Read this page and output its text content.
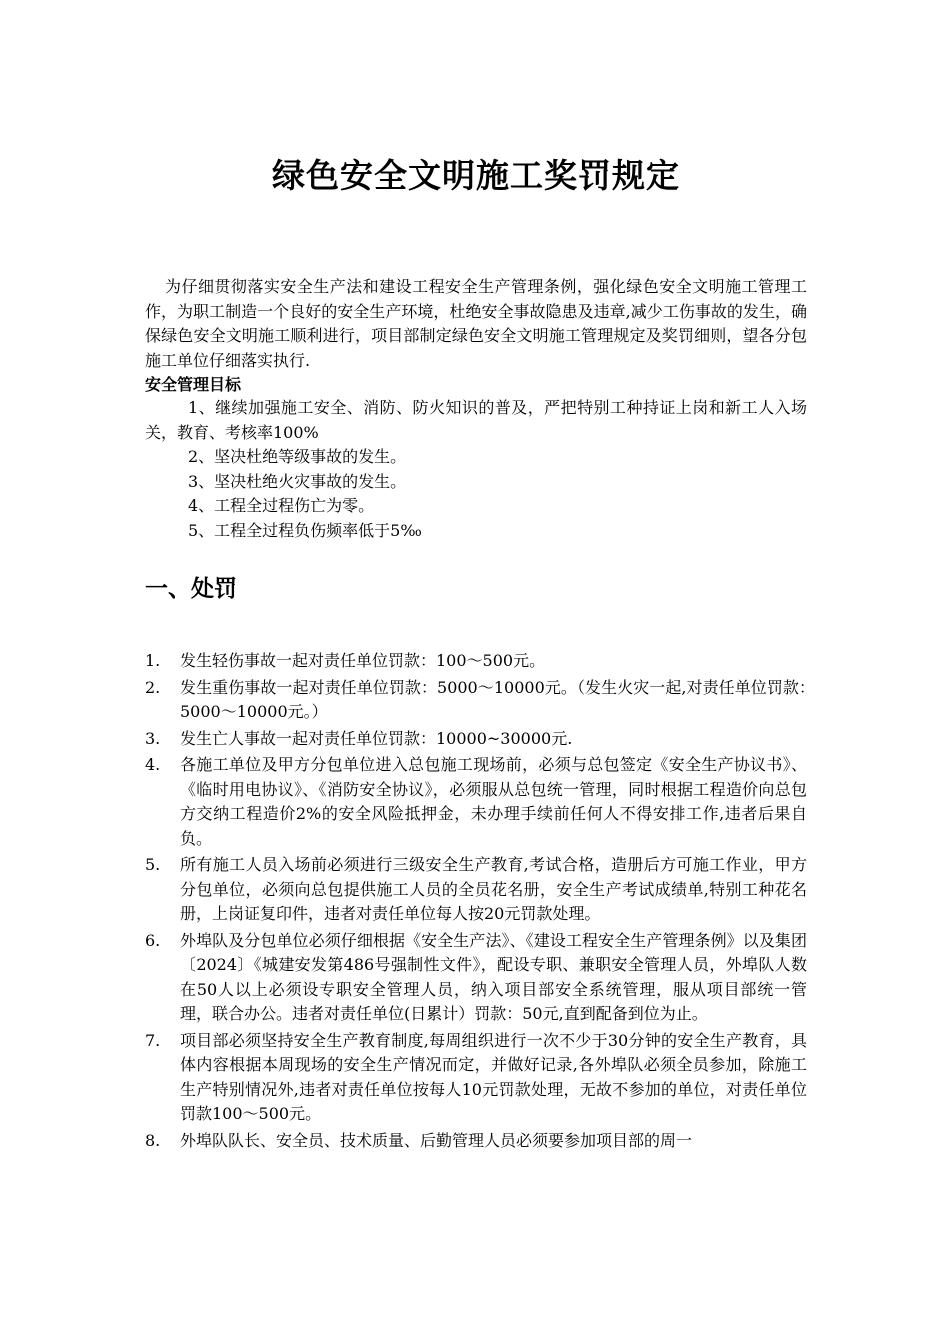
绿色安全文明施工奖罚规定

为仔细贯彻落实安全生产法和建设工程安全生产管理条例，强化绿色安全文明施工管理工作，为职工制造一个良好的安全生产环境，杜绝安全事故隐患及违章,减少工伤事故的发生，确保绿色安全文明施工顺利进行，项目部制定绿色安全文明施工管理规定及奖罚细则，望各分包施工单位仔细落实执行.

安全管理目标

1、继续加强施工安全、消防、防火知识的普及，严把特别工种持证上岗和新工人入场关，教育、考核率100%

2、坚决杜绝等级事故的发生。

3、坚决杜绝火灾事故的发生。

4、工程全过程伤亡为零。

5、工程全过程负伤频率低于5‰

一、处罚
1. 发生轻伤事故一起对责任单位罚款：100～500元。
2. 发生重伤事故一起对责任单位罚款：5000～10000元。（发生火灾一起,对责任单位罚款：　5000～10000元。）
3. 发生亡人事故一起对责任单位罚款：10000~30000元.
4. 各施工单位及甲方分包单位进入总包施工现场前，必须与总包签定《安全生产协议书》、《临时用电协议》、《消防安全协议》，必须服从总包统一管理，同时根据工程造价向总包方交纳工程造价2%的安全风险抵押金，未办理手续前任何人不得安排工作,违者后果自负。
5. 所有施工人员入场前必须进行三级安全生产教育,考试合格，造册后方可施工作业，甲方分包单位，必须向总包提供施工人员的全员花名册，安全生产考试成绩单,特别工种花名册，上岗证复印件，违者对责任单位每人按20元罚款处理。
6. 外埠队及分包单位必须仔细根据《安全生产法》、《建设工程安全生产管理条例》以及集团〔2024〕《城建安发第486号强制性文件》，配设专职、兼职安全管理人员，外埠队人数在50人以上必须设专职安全管理人员，纳入项目部安全系统管理，服从项目部统一管理，联合办公。违者对责任单位(日累计）罚款：50元,直到配备到位为止。
7. 项目部必须坚持安全生产教育制度,每周组织进行一次不少于30分钟的安全生产教育，具体内容根据本周现场的安全生产情况而定，并做好记录,各外埠队必须全员参加，除施工生产特别情况外,违者对责任单位按每人10元罚款处理，无故不参加的单位，对责任单位罚款100～500元。
8. 外埠队队长、安全员、技术质量、后勤管理人员必须要参加项目部的周一
